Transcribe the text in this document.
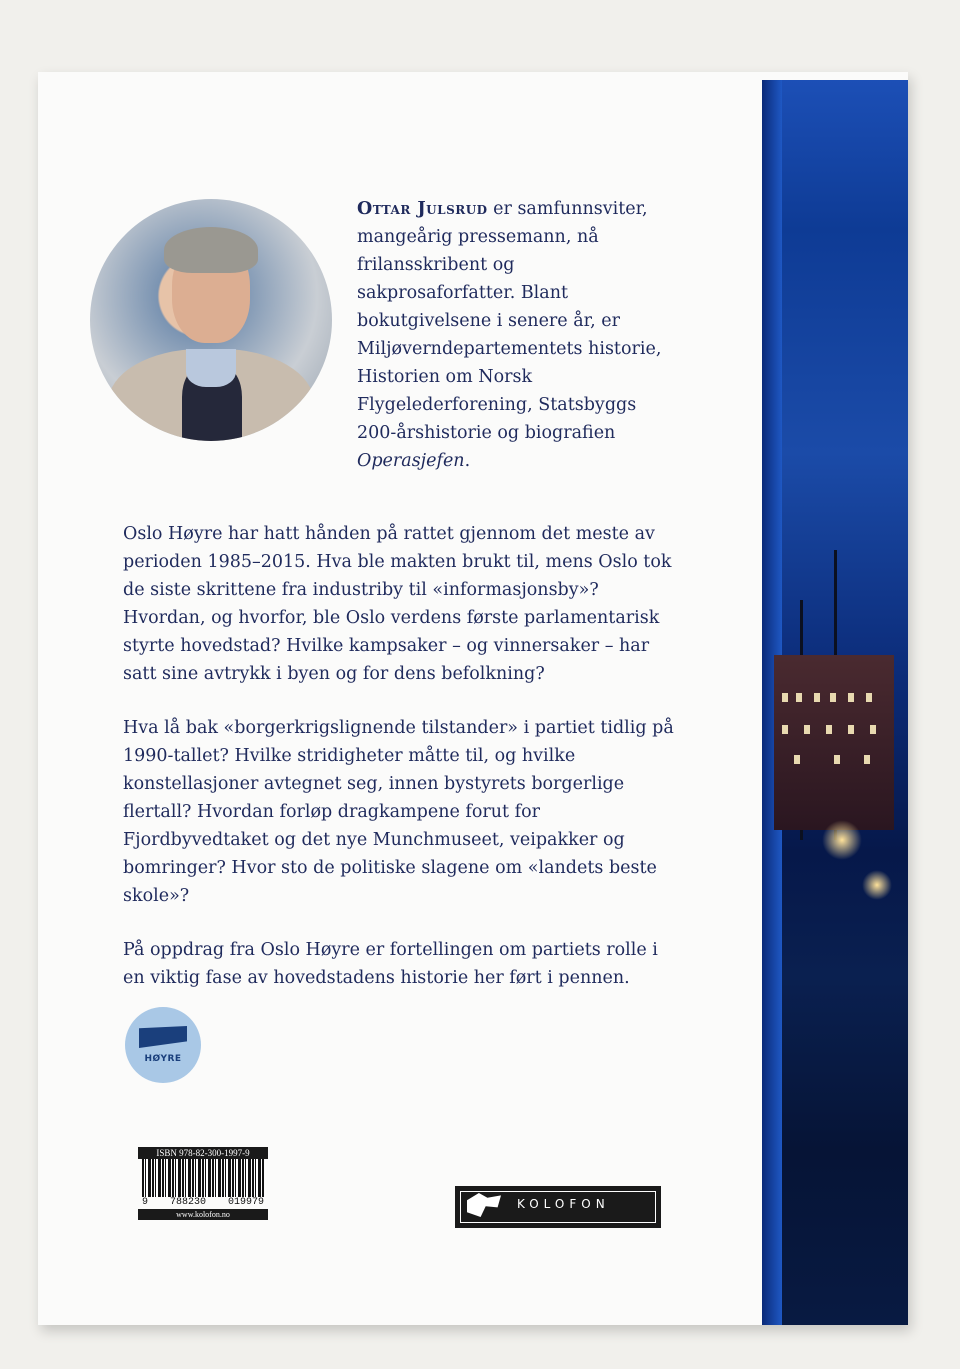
Ottar Julsrud er samfunnsviter, mangeårig pressemann, nå frilansskribent og sakprosaforfatter. Blant bokutgivelsene i senere år, er Miljøverndepartementets historie, Historien om Norsk Flygelederforening, Statsbyggs 200-årshistorie og biografien Operasjefen.

Oslo Høyre har hatt hånden på rattet gjennom det meste av perioden 1985–2015. Hva ble makten brukt til, mens Oslo tok de siste skrittene fra industriby til «informasjonsby»? Hvordan, og hvorfor, ble Oslo verdens første parlamentarisk styrte hovedstad? Hvilke kampsaker – og vinnersaker – har satt sine avtrykk i byen og for dens befolkning?

Hva lå bak «borgerkrigslignende tilstander» i partiet tidlig på 1990-tallet? Hvilke stridigheter måtte til, og hvilke konstellasjoner avtegnet seg, innen bystyrets borgerlige flertall? Hvordan forløp dragkampene forut for Fjordbyvedtaket og det nye Munchmuseet, veipakker og bomringer? Hvor sto de politiske slagene om «landets beste skole»?

På oppdrag fra Oslo Høyre er fortellingen om partiets rolle i en viktig fase av hovedstadens historie her ført i pennen.

HØYRE
ISBN 978-82-300-1997-9
9 788230 019979
www.kolofon.no
KOLOFON
